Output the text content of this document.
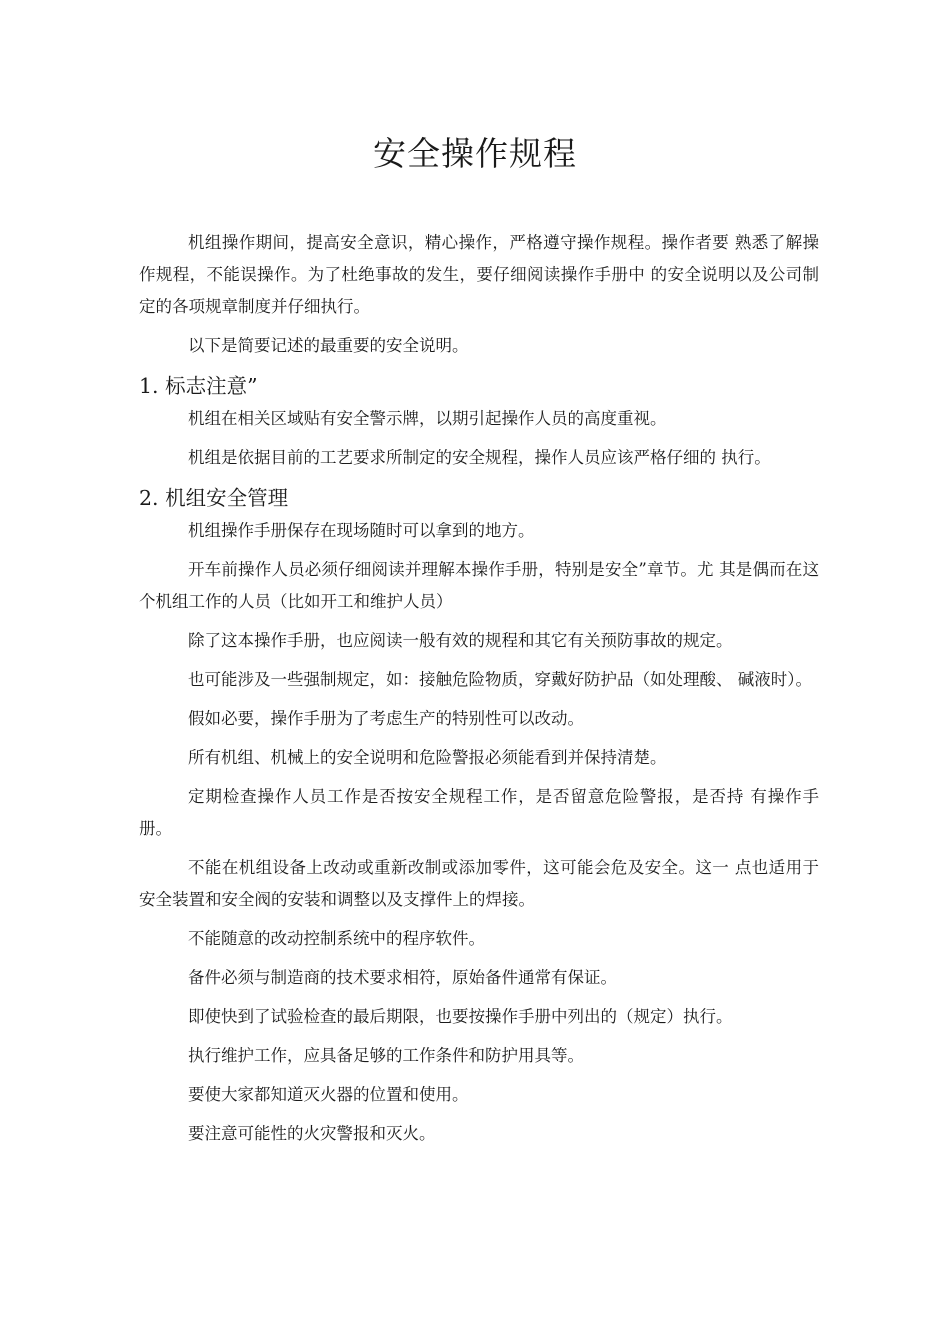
安全操作规程

机组操作期间，提高安全意识，精心操作，严格遵守操作规程。操作者要 熟悉了解操作规程，不能误操作。为了杜绝事故的发生，要仔细阅读操作手册中 的安全说明以及公司制定的各项规章制度并仔细执行。

以下是简要记述的最重要的安全说明。

1. 标志注意”

机组在相关区域贴有安全警示牌，以期引起操作人员的高度重视。

机组是依据目前的工艺要求所制定的安全规程，操作人员应该严格仔细的 执行。

2. 机组安全管理

机组操作手册保存在现场随时可以拿到的地方。

开车前操作人员必须仔细阅读并理解本操作手册，特别是安全”章节。尤 其是偶而在这个机组工作的人员（比如开工和维护人员）

除了这本操作手册，也应阅读一般有效的规程和其它有关预防事故的规定。

也可能涉及一些强制规定，如：接触危险物质，穿戴好防护品（如处理酸、 碱液时）。

假如必要，操作手册为了考虑生产的特别性可以改动。

所有机组、机械上的安全说明和危险警报必须能看到并保持清楚。

定期检查操作人员工作是否按安全规程工作，是否留意危险警报，是否持 有操作手册。

不能在机组设备上改动或重新改制或添加零件，这可能会危及安全。这一 点也适用于安全装置和安全阀的安装和调整以及支撑件上的焊接。

不能随意的改动控制系统中的程序软件。

备件必须与制造商的技术要求相符，原始备件通常有保证。

即使快到了试验检查的最后期限，也要按操作手册中列出的（规定）执行。

执行维护工作，应具备足够的工作条件和防护用具等。

要使大家都知道灭火器的位置和使用。

要注意可能性的火灾警报和灭火。
